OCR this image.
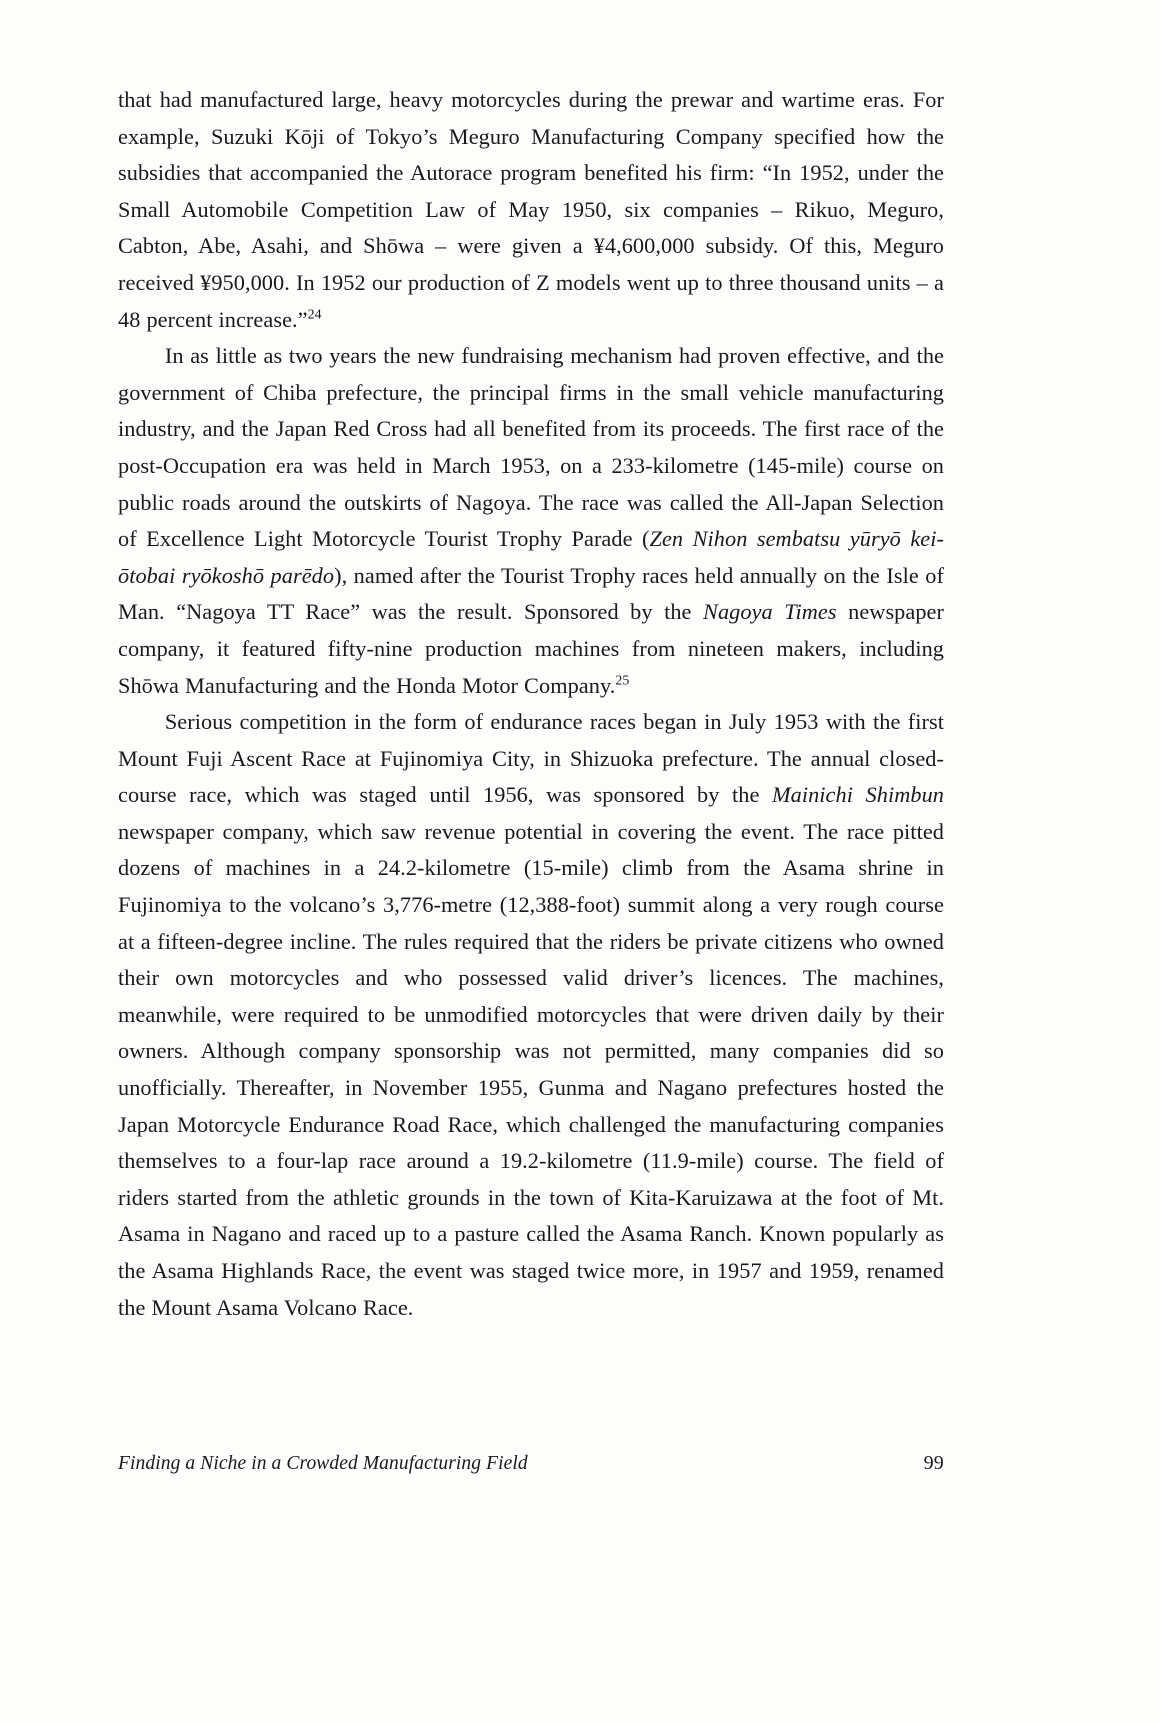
that had manufactured large, heavy motorcycles during the prewar and wartime eras. For example, Suzuki Kōji of Tokyo’s Meguro Manufacturing Company specified how the subsidies that accompanied the Autorace program benefited his firm: “In 1952, under the Small Automobile Competition Law of May 1950, six companies – Rikuo, Meguro, Cabton, Abe, Asahi, and Shōwa – were given a ¥4,600,000 subsidy. Of this, Meguro received ¥950,000. In 1952 our production of Z models went up to three thousand units – a 48 percent increase.”$^{24}$

In as little as two years the new fundraising mechanism had proven effective, and the government of Chiba prefecture, the principal firms in the small vehicle manufacturing industry, and the Japan Red Cross had all benefited from its proceeds. The first race of the post-Occupation era was held in March 1953, on a 233-kilometre (145-mile) course on public roads around the outskirts of Nagoya. The race was called the All-Japan Selection of Excellence Light Motorcycle Tourist Trophy Parade (Zen Nihon sembatsu yūryō kei-ōtobai ryōkoshō parēdo), named after the Tourist Trophy races held annually on the Isle of Man. “Nagoya TT Race” was the result. Sponsored by the Nagoya Times newspaper company, it featured fifty-nine production machines from nineteen makers, including Shōwa Manufacturing and the Honda Motor Company.$^{25}$

Serious competition in the form of endurance races began in July 1953 with the first Mount Fuji Ascent Race at Fujinomiya City, in Shizuoka prefecture. The annual closed-course race, which was staged until 1956, was sponsored by the Mainichi Shimbun newspaper company, which saw revenue potential in covering the event. The race pitted dozens of machines in a 24.2-kilometre (15-mile) climb from the Asama shrine in Fujinomiya to the volcano’s 3,776-metre (12,388-foot) summit along a very rough course at a fifteen-degree incline. The rules required that the riders be private citizens who owned their own motorcycles and who possessed valid driver’s licences. The machines, meanwhile, were required to be unmodified motorcycles that were driven daily by their owners. Although company sponsorship was not permitted, many companies did so unofficially. Thereafter, in November 1955, Gunma and Nagano prefectures hosted the Japan Motorcycle Endurance Road Race, which challenged the manufacturing companies themselves to a four-lap race around a 19.2-kilometre (11.9-mile) course. The field of riders started from the athletic grounds in the town of Kita-Karuizawa at the foot of Mt. Asama in Nagano and raced up to a pasture called the Asama Ranch. Known popularly as the Asama Highlands Race, the event was staged twice more, in 1957 and 1959, renamed the Mount Asama Volcano Race.

Finding a Niche in a Crowded Manufacturing Field	99
